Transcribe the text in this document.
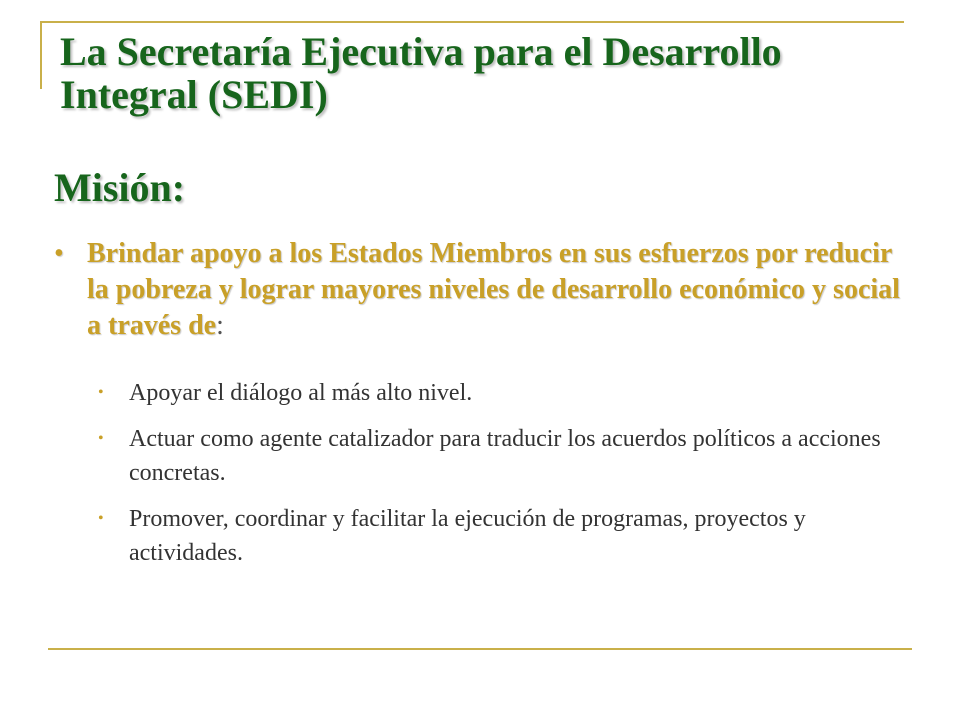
La Secretaría Ejecutiva para el Desarrollo
Integral (SEDI)
Misión:
• Brindar apoyo a los Estados Miembros en sus esfuerzos por reducir la pobreza y lograr mayores niveles de desarrollo económico y social a través de:
•	Apoyar el diálogo al más alto nivel.
•	Actuar como agente catalizador para traducir los acuerdos políticos a acciones concretas.
•	Promover, coordinar y facilitar la ejecución de programas, proyectos y actividades.
